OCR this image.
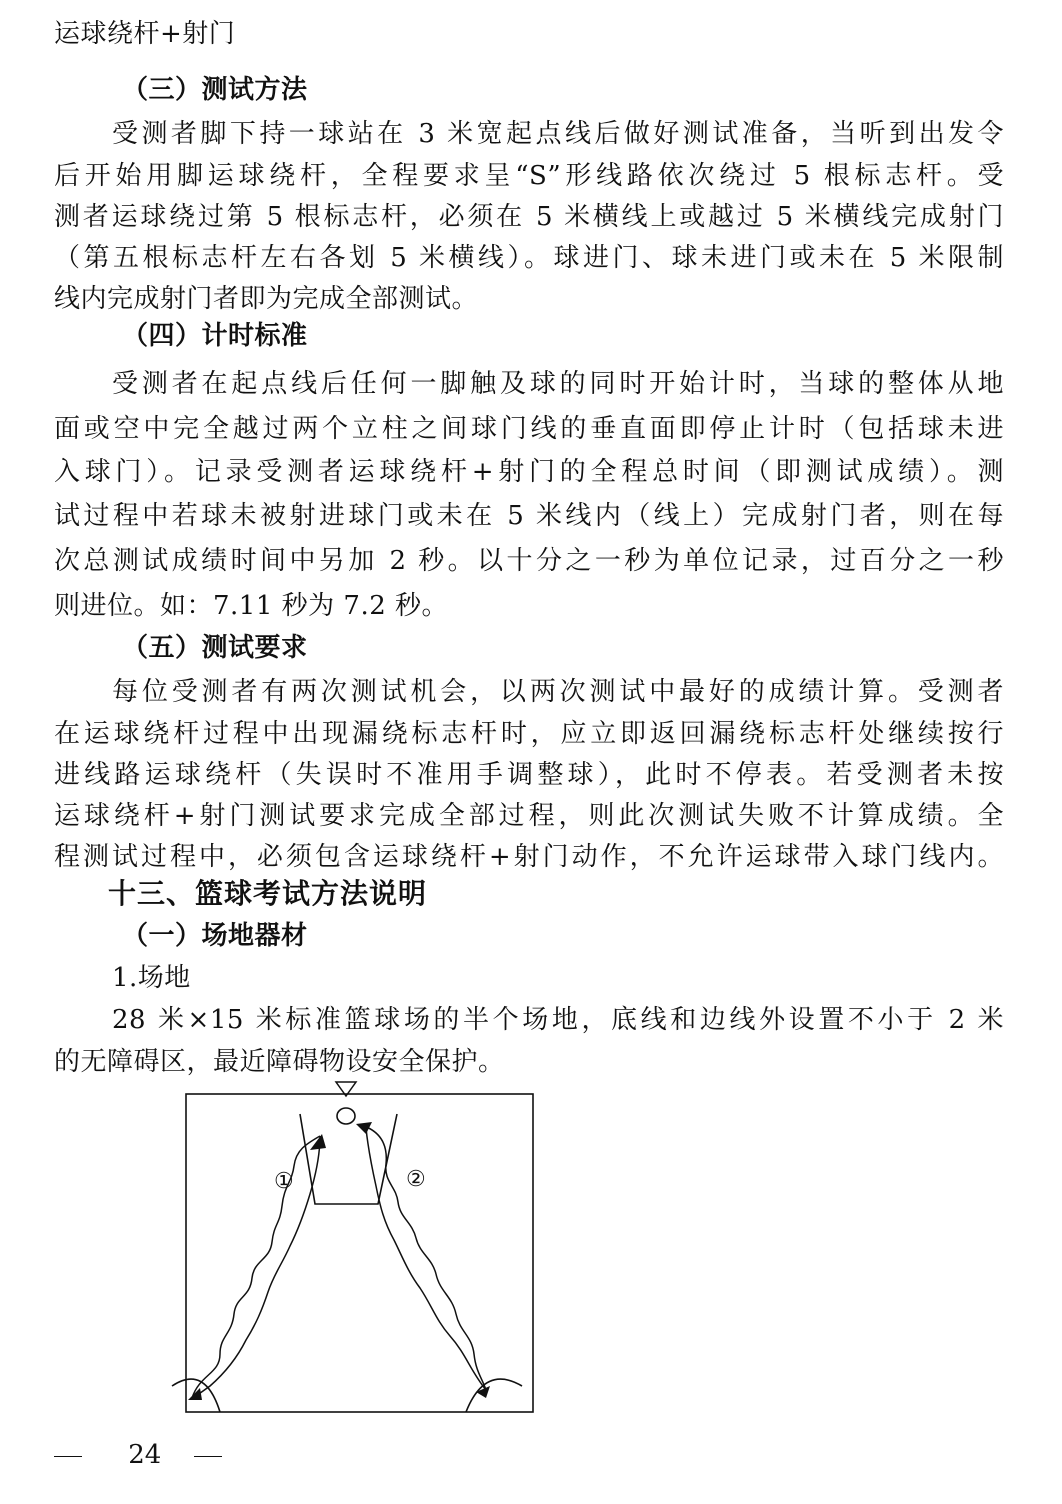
运球绕杆+射门
（三）测试方法
受测者脚下持一球站在 3 米宽起点线后做好测试准备，当听到出发令
后开始用脚运球绕杆，全程要求呈“S”形线路依次绕过 5 根标志杆。受
测者运球绕过第 5 根标志杆，必须在 5 米横线上或越过 5 米横线完成射门
（第五根标志杆左右各划 5 米横线）。球进门、球未进门或未在 5 米限制
线内完成射门者即为完成全部测试。
（四）计时标准
受测者在起点线后任何一脚触及球的同时开始计时，当球的整体从地
面或空中完全越过两个立柱之间球门线的垂直面即停止计时（包括球未进
入球门）。记录受测者运球绕杆+射门的全程总时间（即测试成绩）。测
试过程中若球未被射进球门或未在 5 米线内（线上）完成射门者，则在每
次总测试成绩时间中另加 2 秒。以十分之一秒为单位记录，过百分之一秒
则进位。如：7.11 秒为 7.2 秒。
（五）测试要求
每位受测者有两次测试机会，以两次测试中最好的成绩计算。受测者
在运球绕杆过程中出现漏绕标志杆时，应立即返回漏绕标志杆处继续按行
进线路运球绕杆（失误时不准用手调整球），此时不停表。若受测者未按
运球绕杆+射门测试要求完成全部过程，则此次测试失败不计算成绩。全
程测试过程中，必须包含运球绕杆+射门动作，不允许运球带入球门线内。
十三、篮球考试方法说明
（一）场地器材
1.场地
28 米×15 米标准篮球场的半个场地，底线和边线外设置不小于 2 米
的无障碍区，最近障碍物设安全保护。
①	②
24
